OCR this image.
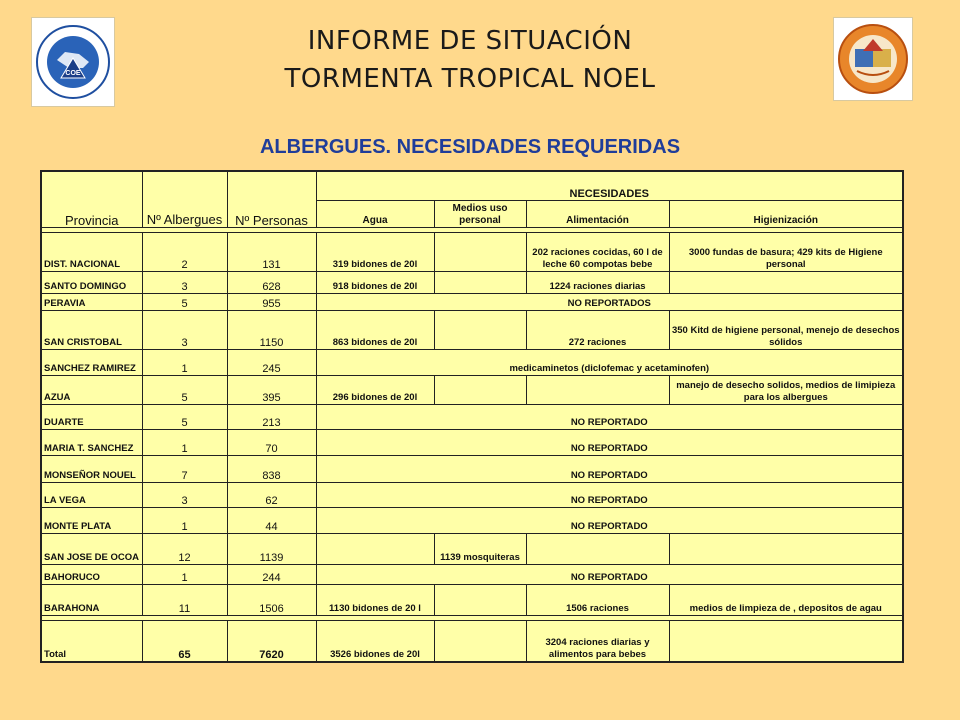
COE
INFORME DE SITUACIÓN
TORMENTA TROPICAL NOEL
ALBERGUES. NECESIDADES REQUERIDAS
Provincia	Nº Albergues	Nº Personas	NECESIDADES			
			Agua	Medios uso personal	Alimentación	Higienización

DIST. NACIONAL	2	131	319 bidones de 20l		202 raciones cocidas, 60 l de leche 60 compotas bebe	3000 fundas de basura; 429 kits de Higiene personal
SANTO DOMINGO	3	628	918 bidones de 20l		1224 raciones diarias	
PERAVIA	5	955	NO REPORTADOS			
SAN CRISTOBAL	3	1150	863 bidones de 20l		272 raciones	350 Kitd de higiene personal, menejo de desechos sólidos
SANCHEZ RAMIREZ	1	245	medicaminetos (diclofemac y acetaminofen)			
AZUA	5	395	296 bidones de 20l			manejo de desecho solidos, medios de limipieza para los albergues
DUARTE	5	213	NO REPORTADO			
MARIA T. SANCHEZ	1	70	NO REPORTADO			
MONSEÑOR NOUEL	7	838	NO REPORTADO			
LA VEGA	3	62	NO REPORTADO			
MONTE PLATA	1	44	NO REPORTADO			
SAN JOSE DE OCOA	12	1139		1139 mosquiteras		
BAHORUCO	1	244	NO REPORTADO			
BARAHONA	11	1506	1130 bidones de 20 l		1506 raciones	medios de limpieza de , depositos de agau

Total	65	7620	3526 bidones de 20l		3204 raciones diarias y alimentos para bebes	
